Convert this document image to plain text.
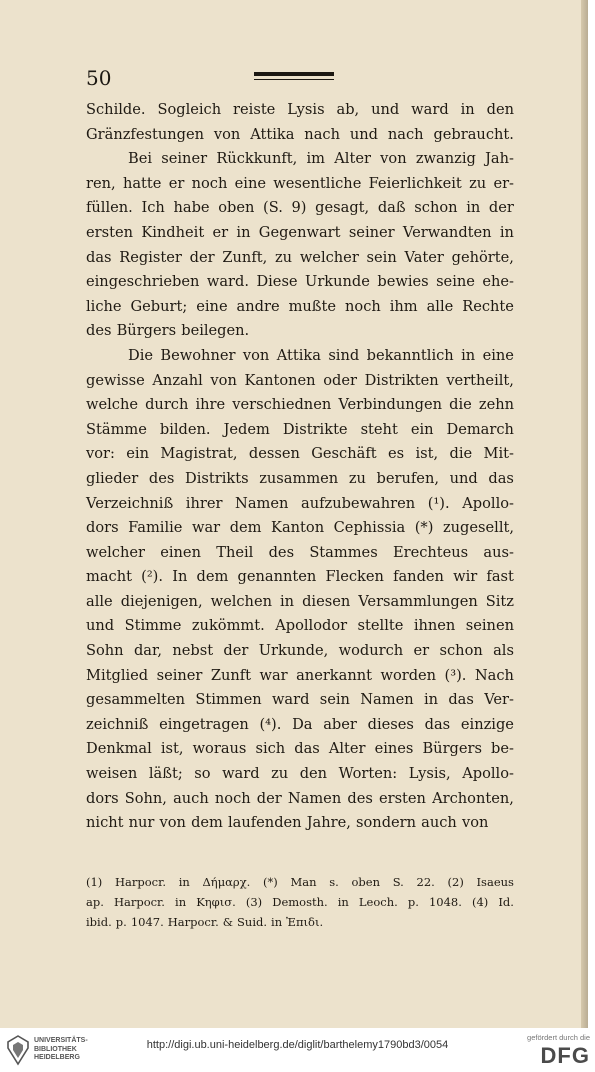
50
Schilde. Sogleich reiste Lysis ab, und ward in den
Gränzfestungen von Attika nach und nach gebraucht.
Bei seiner Rückkunft, im Alter von zwanzig Jah-
ren, hatte er noch eine wesentliche Feierlichkeit zu er-
füllen. Ich habe oben (S. 9) gesagt, daß schon in der
ersten Kindheit er in Gegenwart seiner Verwandten in
das Register der Zunft, zu welcher sein Vater gehörte,
eingeschrieben ward. Diese Urkunde bewies seine ehe-
liche Geburt; eine andre mußte noch ihm alle Rechte
des Bürgers beilegen.
Die Bewohner von Attika sind bekanntlich in eine
gewisse Anzahl von Kantonen oder Distrikten vertheilt,
welche durch ihre verschiednen Verbindungen die zehn
Stämme bilden. Jedem Distrikte steht ein Demarch
vor: ein Magistrat, dessen Geschäft es ist, die Mit-
glieder des Distrikts zusammen zu berufen, und das
Verzeichniß ihrer Namen aufzubewahren (¹). Apollo-
dors Familie war dem Kanton Cephissia (*) zugesellt,
welcher einen Theil des Stammes Erechteus aus-
macht (²). In dem genannten Flecken fanden wir fast
alle diejenigen, welchen in diesen Versammlungen Sitz
und Stimme zukömmt. Apollodor stellte ihnen seinen
Sohn dar, nebst der Urkunde, wodurch er schon als
Mitglied seiner Zunft war anerkannt worden (³). Nach
gesammelten Stimmen ward sein Namen in das Ver-
zeichniß eingetragen (⁴). Da aber dieses das einzige
Denkmal ist, woraus sich das Alter eines Bürgers be-
weisen läßt; so ward zu den Worten: Lysis, Apollo-
dors Sohn, auch noch der Namen des ersten Archonten,
nicht nur von dem laufenden Jahre, sondern auch von
(1) Harpocr. in Δήμαρχ. (*) Man s. oben S. 22. (2) Isaeus
ap. Harpocr. in Κηφισ. (3) Demosth. in Leoch. p. 1048. (4) Id.
ibid. p. 1047. Harpocr. & Suid. in Ἐπιδι.
UNIVERSITÄTS-
BIBLIOTHEK
HEIDELBERG
http://digi.ub.uni-heidelberg.de/diglit/barthelemy1790bd3/0054
gefördert durch die
DFG
